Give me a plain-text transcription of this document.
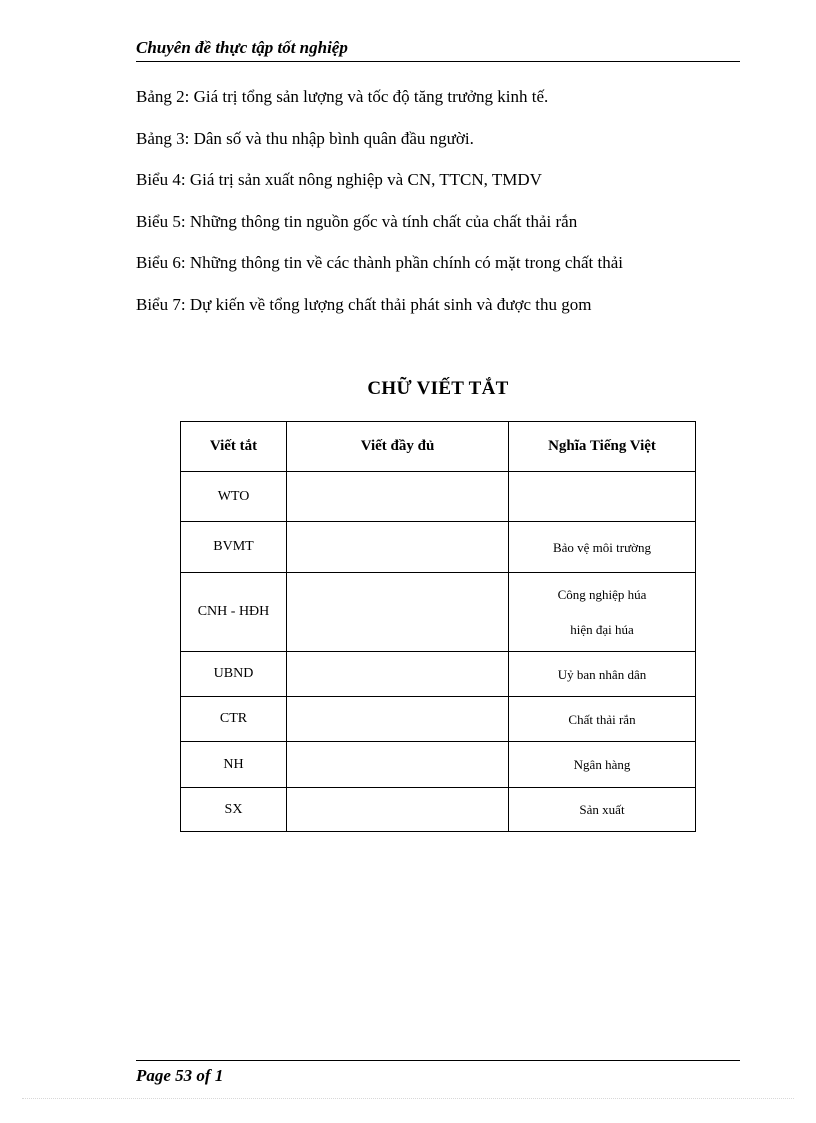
Chuyên đề thực tập tốt nghiệp
Bảng 2: Giá trị tổng sản lượng và tốc độ tăng trưởng kinh tế.
Bảng 3: Dân số và thu nhập bình quân đầu người.
Biểu 4: Giá trị sản xuất nông nghiệp và CN, TTCN, TMDV
Biểu 5: Những thông tin nguồn gốc và tính chất của chất thải rắn
Biểu 6: Những thông tin về các thành phần chính có mặt trong chất thải
Biểu 7: Dự kiến về tổng lượng chất thải phát sinh và được thu gom
CHỮ VIẾT TẮT
Viết tắt	Viết đầy đủ	Nghĩa Tiếng Việt
WTO		
BVMT		Bảo vệ môi trường
CNH - HĐH		Công nghiệp húa
hiện đại húa
UBND		Uỷ ban nhân dân
CTR		Chất thải rắn
NH		Ngân hàng
SX		Sản xuất
Page 53 of 1
